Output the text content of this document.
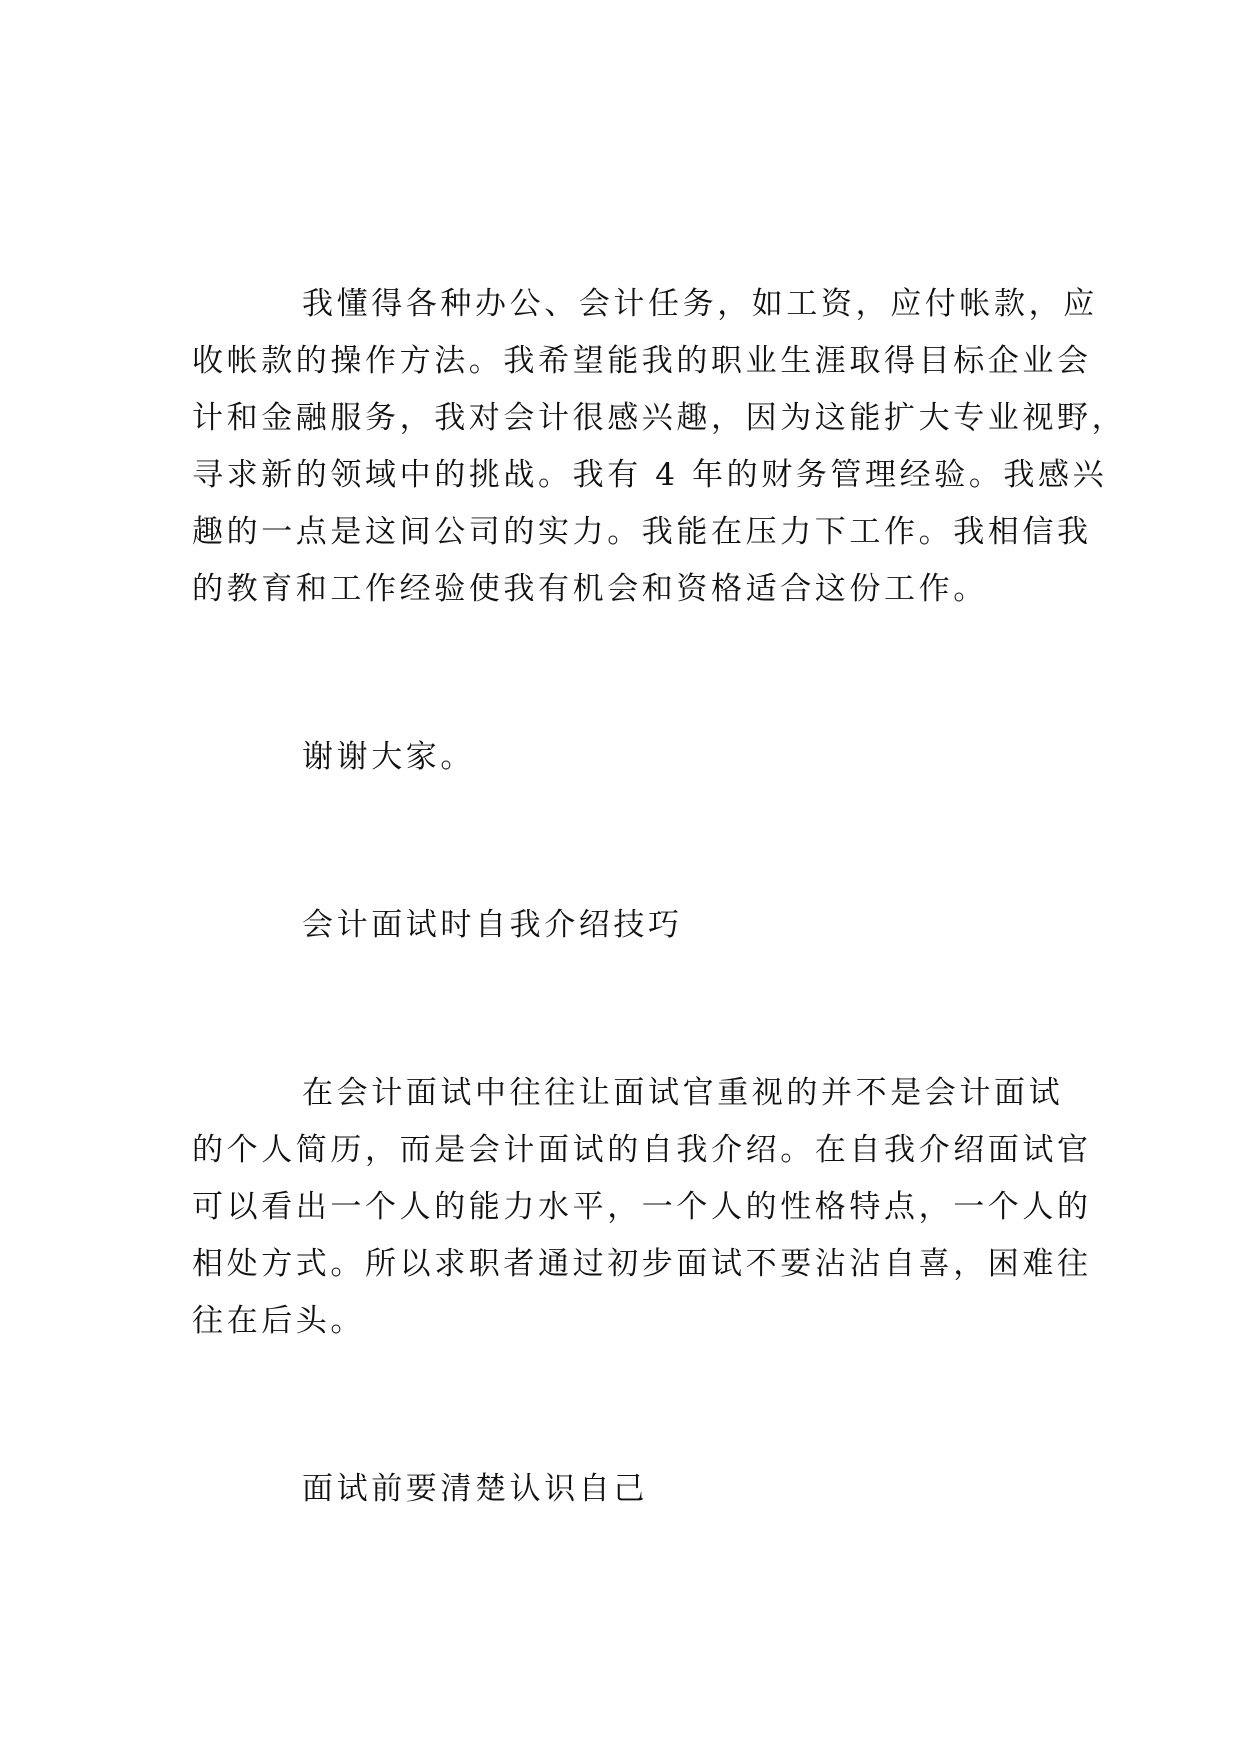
我懂得各种办公、会计任务，如工资，应付帐款，应
收帐款的操作方法。我希望能我的职业生涯取得目标企业会
计和金融服务，我对会计很感兴趣，因为这能扩大专业视野，
寻求新的领域中的挑战。我有 4 年的财务管理经验。我感兴
趣的一点是这间公司的实力。我能在压力下工作。我相信我
的教育和工作经验使我有机会和资格适合这份工作。

谢谢大家。

会计面试时自我介绍技巧

在会计面试中往往让面试官重视的并不是会计面试
的个人简历，而是会计面试的自我介绍。在自我介绍面试官
可以看出一个人的能力水平，一个人的性格特点，一个人的
相处方式。所以求职者通过初步面试不要沾沾自喜，困难往
往在后头。

面试前要清楚认识自己
